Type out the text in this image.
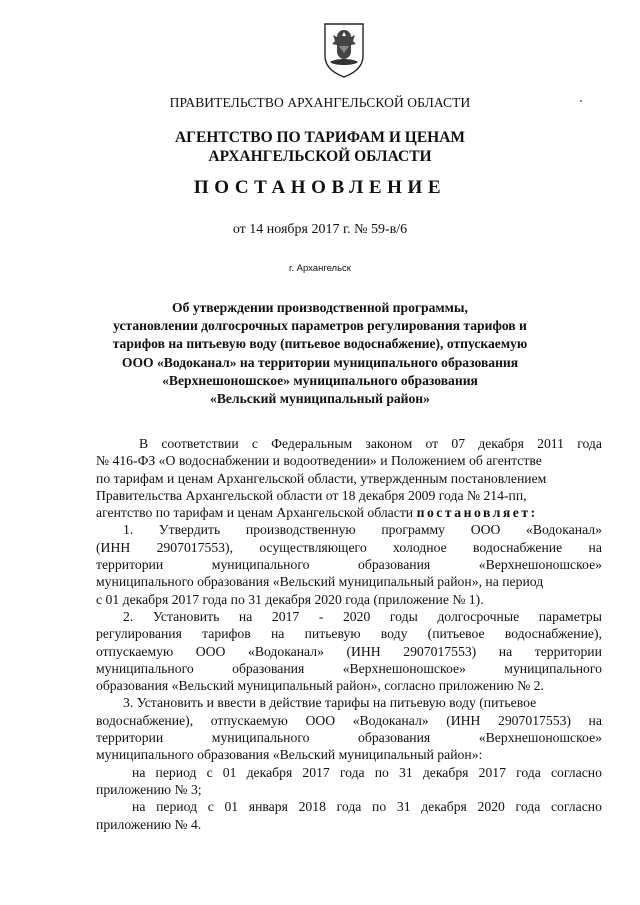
ПРАВИТЕЛЬСТВО АРХАНГЕЛЬСКОЙ ОБЛАСТИ
АГЕНТСТВО ПО ТАРИФАМ И ЦЕНАМ
АРХАНГЕЛЬСКОЙ ОБЛАСТИ
ПОСТАНОВЛЕНИЕ
от 14 ноября 2017 г. № 59-в/6
г. Архангельск
Об утверждении производственной программы,
установлении долгосрочных параметров регулирования тарифов и
тарифов на питьевую воду (питьевое водоснабжение), отпускаемую
ООО «Водоканал» на территории муниципального образования
«Верхнешоношское» муниципального образования
«Вельский муниципальный район»
В соответствии с Федеральным законом от 07 декабря 2011 года
№ 416-ФЗ «О водоснабжении и водоотведении» и Положением об агентстве
по тарифам и ценам Архангельской области, утвержденным постановлением
Правительства Архангельской области от 18 декабря 2009 года № 214-пп,
агентство по тарифам и ценам Архангельской области постановляет:
1. Утвердить производственную программу ООО «Водоканал»
(ИНН 2907017553), осуществляющего холодное водоснабжение на
территории	муниципального	образования	«Верхнешоношское»
муниципального образования «Вельский муниципальный район», на период
с 01 декабря 2017 года по 31 декабря 2020 года (приложение № 1).
2. Установить на 2017 - 2020 годы долгосрочные параметры
регулирования тарифов на питьевую воду (питьевое водоснабжение),
отпускаемую ООО «Водоканал» (ИНН 2907017553) на территории
муниципального	образования	«Верхнешоношское»	муниципального
образования «Вельский муниципальный район», согласно приложению № 2.
3. Установить и ввести в действие тарифы на питьевую воду (питьевое
водоснабжение), отпускаемую ООО «Водоканал» (ИНН 2907017553) на
территории	муниципального	образования	«Верхнешоношское»
муниципального образования «Вельский муниципальный район»:
на период с 01 декабря 2017 года по 31 декабря 2017 года согласно
приложению № 3;
на период с 01 января 2018 года по 31 декабря 2020 года согласно
приложению № 4.
